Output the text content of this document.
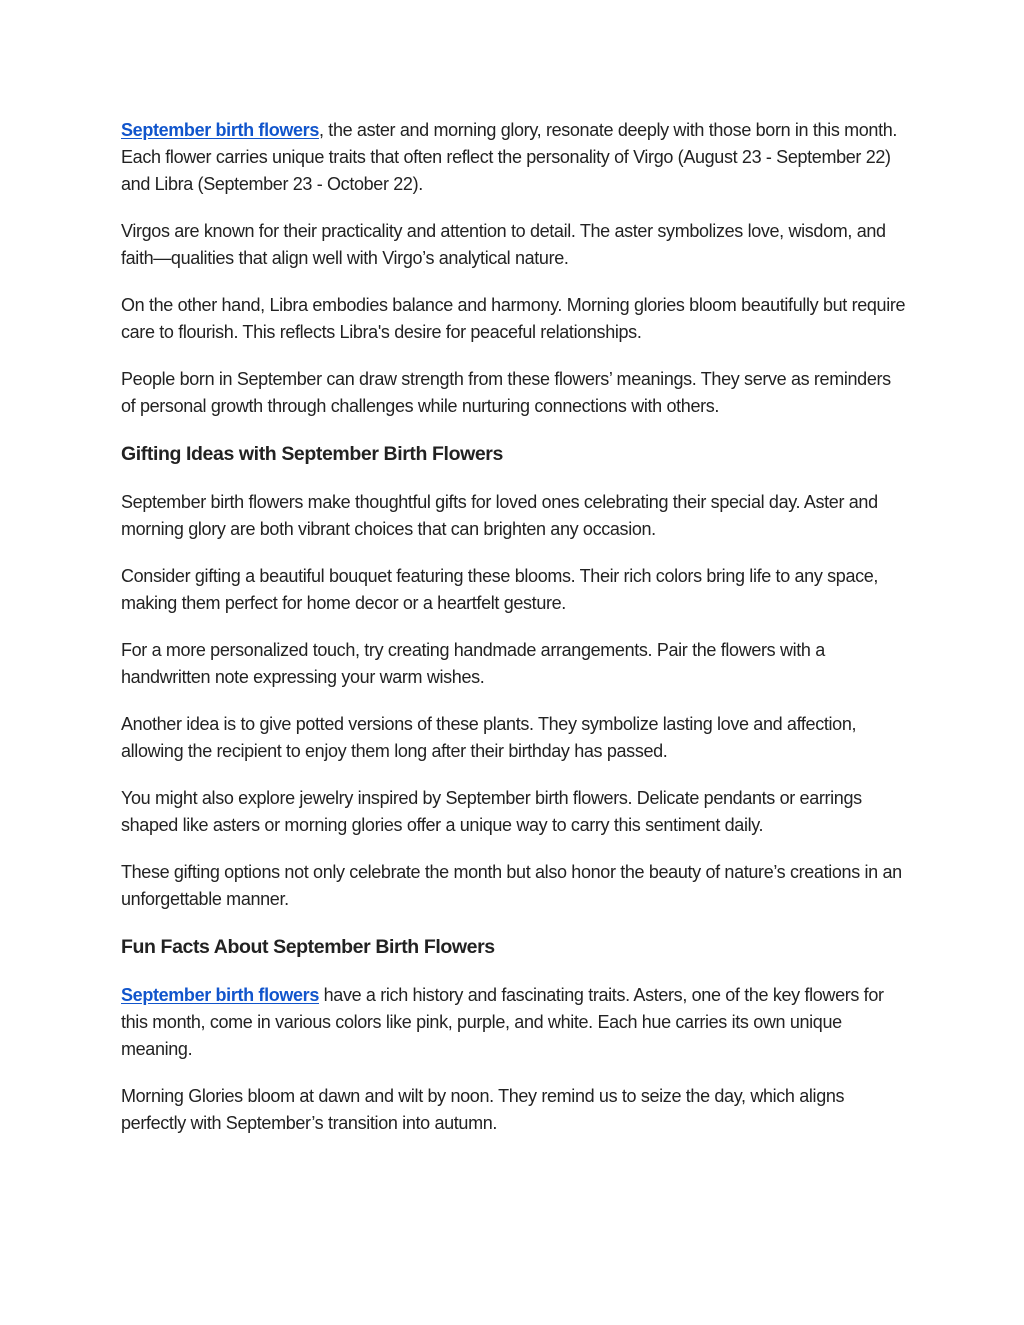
September birth flowers, the aster and morning glory, resonate deeply with those born in this month. Each flower carries unique traits that often reflect the personality of Virgo (August 23 - September 22) and Libra (September 23 - October 22).

Virgos are known for their practicality and attention to detail. The aster symbolizes love, wisdom, and faith—qualities that align well with Virgo’s analytical nature.

On the other hand, Libra embodies balance and harmony. Morning glories bloom beautifully but require care to flourish. This reflects Libra's desire for peaceful relationships.

People born in September can draw strength from these flowers’ meanings. They serve as reminders of personal growth through challenges while nurturing connections with others.

Gifting Ideas with September Birth Flowers

September birth flowers make thoughtful gifts for loved ones celebrating their special day. Aster and morning glory are both vibrant choices that can brighten any occasion.

Consider gifting a beautiful bouquet featuring these blooms. Their rich colors bring life to any space, making them perfect for home decor or a heartfelt gesture.

For a more personalized touch, try creating handmade arrangements. Pair the flowers with a handwritten note expressing your warm wishes.

Another idea is to give potted versions of these plants. They symbolize lasting love and affection, allowing the recipient to enjoy them long after their birthday has passed.

You might also explore jewelry inspired by September birth flowers. Delicate pendants or earrings shaped like asters or morning glories offer a unique way to carry this sentiment daily.

These gifting options not only celebrate the month but also honor the beauty of nature’s creations in an unforgettable manner.

Fun Facts About September Birth Flowers

September birth flowers have a rich history and fascinating traits. Asters, one of the key flowers for this month, come in various colors like pink, purple, and white. Each hue carries its own unique meaning.

Morning Glories bloom at dawn and wilt by noon. They remind us to seize the day, which aligns perfectly with September’s transition into autumn.
